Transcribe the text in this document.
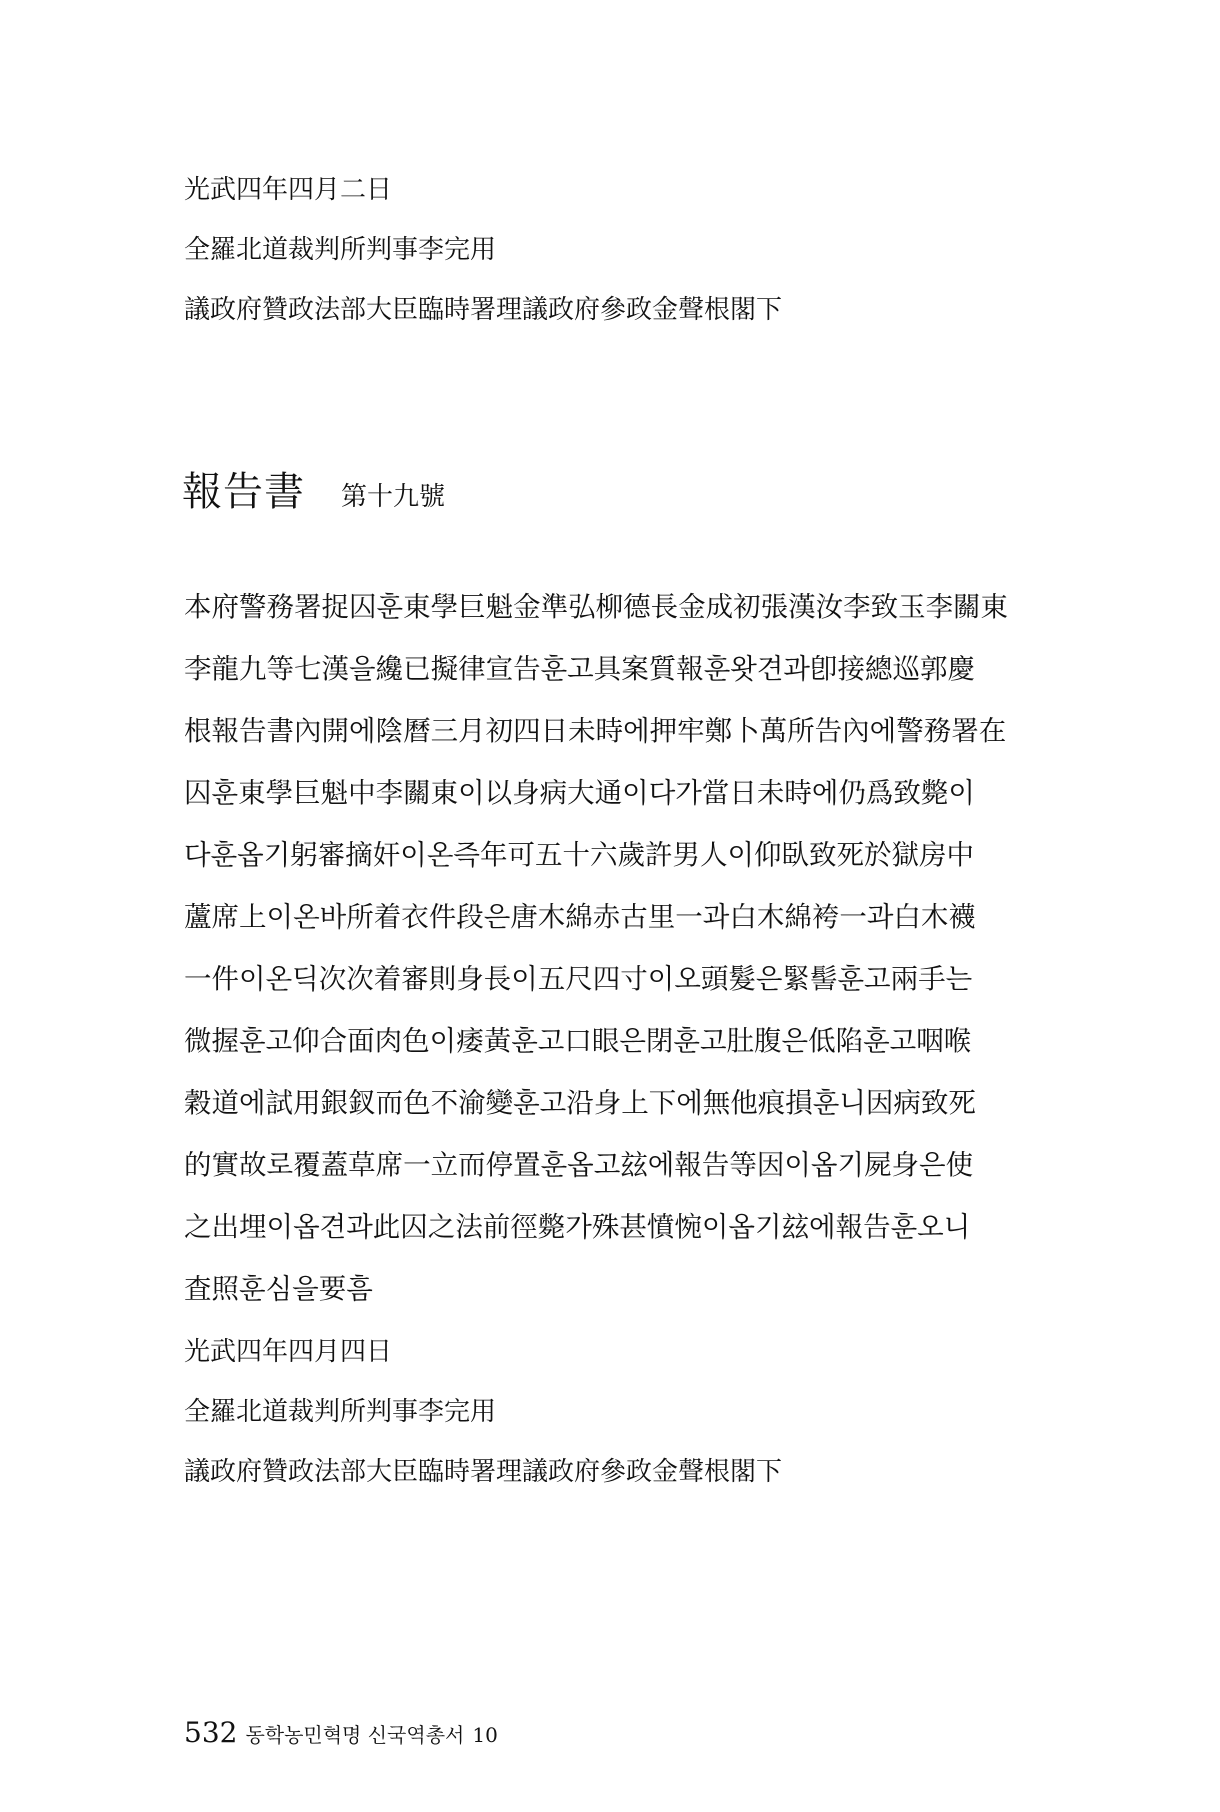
光武四年四月二日
全羅北道裁判所判事李完用
議政府贊政法部大臣臨時署理議政府參政金聲根閣下
報告書 第十九號
本府警務署捉囚훈東學巨魁金準弘柳德長金成初張漢汝李致玉李關東
李龍九等七漢을纔已擬律宣告훈고具案質報훈왓견과卽接總巡郭慶
根報告書內開에陰曆三月初四日未時에押牢鄭卜萬所告內에警務署在
囚훈東學巨魁中李關東이以身病大通이다가當日未時에仍爲致斃이
다훈옵기躬審摘奸이온즉年可五十六歲許男人이仰臥致死於獄房中
蘆席上이온바所着衣件段은唐木綿赤古里一과白木綿袴一과白木襪
一件이온딕次次着審則身長이五尺四寸이오頭髮은緊髻훈고兩手는
微握훈고仰合面肉色이痿黃훈고口眼은閉훈고肚腹은低陷훈고咽喉
穀道에試用銀釵而色不渝變훈고沿身上下에無他痕損훈니因病致死
的實故로覆蓋草席一立而停置훈옵고玆에報告等因이옵기屍身은使
之出埋이옵견과此囚之法前徑斃가殊甚憤惋이옵기玆에報告훈오니
査照훈심을要흠
光武四年四月四日
全羅北道裁判所判事李完用
議政府贊政法部大臣臨時署理議政府參政金聲根閣下
532 동학농민혁명 신국역총서 10
